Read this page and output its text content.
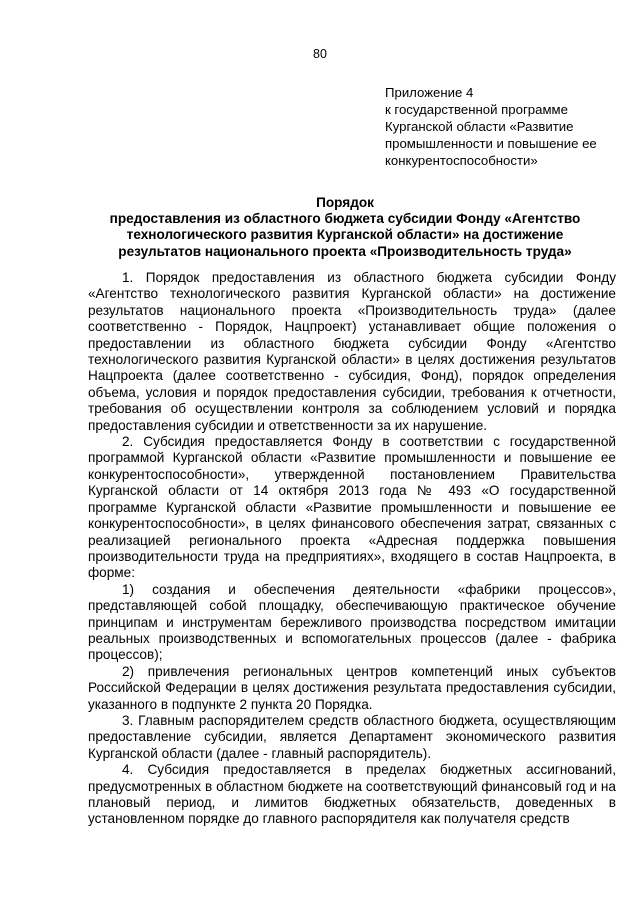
80
Приложение 4
к государственной программе
Курганской области «Развитие
промышленности и повышение ее
конкурентоспособности»
Порядок
предоставления из областного бюджета субсидии Фонду «Агентство
технологического развития Курганской области» на достижение
результатов национального проекта «Производительность труда»

1. Порядок предоставления из областного бюджета субсидии Фонду «Агентство технологического развития Курганской области» на достижение результатов национального проекта «Производительность труда» (далее соответственно - Порядок, Нацпроект) устанавливает общие положения о предоставлении из областного бюджета субсидии Фонду «Агентство технологического развития Курганской области» в целях достижения результатов Нацпроекта (далее соответственно - субсидия, Фонд), порядок определения объема, условия и порядок предоставления субсидии, требования к отчетности, требования об осуществлении контроля за соблюдением условий и порядка предоставления субсидии и ответственности за их нарушение.

2. Субсидия предоставляется Фонду в соответствии с государственной программой Курганской области «Развитие промышленности и повышение ее конкурентоспособности», утвержденной постановлением Правительства Курганской области от 14 октября 2013 года № 493 «О государственной программе Курганской области «Развитие промышленности и повышение ее конкурентоспособности», в целях финансового обеспечения затрат, связанных с реализацией регионального проекта «Адресная поддержка повышения производительности труда на предприятиях», входящего в состав Нацпроекта, в форме:

1) создания и обеспечения деятельности «фабрики процессов», представляющей собой площадку, обеспечивающую практическое обучение принципам и инструментам бережливого производства посредством имитации реальных производственных и вспомогательных процессов (далее - фабрика процессов);

2) привлечения региональных центров компетенций иных субъектов Российской Федерации в целях достижения результата предоставления субсидии, указанного в подпункте 2 пункта 20 Порядка.

3. Главным распорядителем средств областного бюджета, осуществляющим предоставление субсидии, является Департамент экономического развития Курганской области (далее - главный распорядитель).

4. Субсидия предоставляется в пределах бюджетных ассигнований, предусмотренных в областном бюджете на соответствующий финансовый год и на плановый период, и лимитов бюджетных обязательств, доведенных в установленном порядке до главного распорядителя как получателя средств
